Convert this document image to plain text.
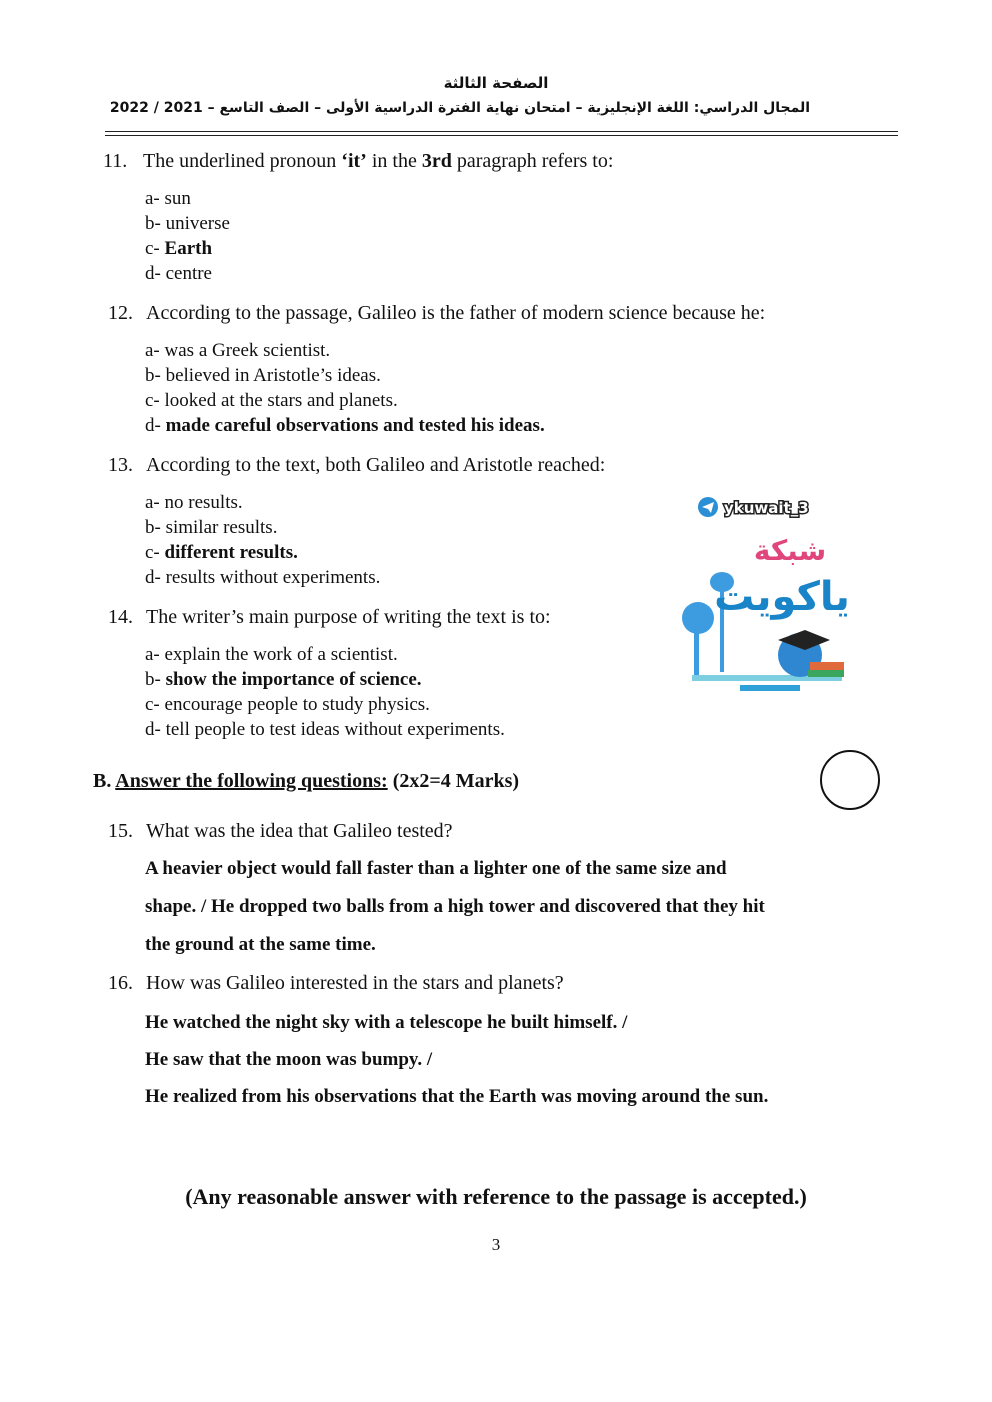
الصفحة الثالثة
المجال الدراسي: اللغة الإنجليزية – امتحان نهاية الفترة الدراسية الأولى – الصف التاسع – 2021 / 2022
11. The underlined pronoun ‘it’ in the 3rd paragraph refers to:
a- sun
b- universe
c- Earth
d- centre
12. According to the passage, Galileo is the father of modern science because he:
a- was a Greek scientist.
b- believed in Aristotle’s ideas.
c- looked at the stars and planets.
d- made careful observations and tested his ideas.
13. According to the text, both Galileo and Aristotle reached:
a- no results.
b- similar results.
c- different results.
d- results without experiments.
14. The writer’s main purpose of writing the text is to:
a- explain the work of a scientist.
b- show the importance of science.
c- encourage people to study physics.
d- tell people to test ideas without experiments.
ykuwait_3
شبكة
ياكويت
B. Answer the following questions: (2x2=4 Marks)
15. What was the idea that Galileo tested?
A heavier object would fall faster than a lighter one of the same size and
shape. / He dropped two balls from a high tower and discovered that they hit
the ground at the same time.
16. How was Galileo interested in the stars and planets?
He watched the night sky with a telescope he built himself. /
He saw that the moon was bumpy. /
He realized from his observations that the Earth was moving around the sun.
(Any reasonable answer with reference to the passage is accepted.)
3
